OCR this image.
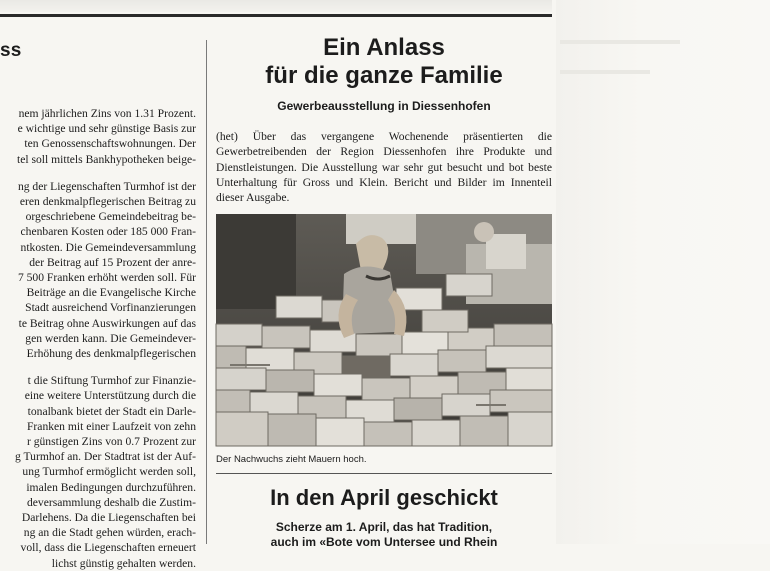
ss

nem jährlichen Zins von 1.31 Prozent.

e wichtige und sehr günstige Basis zur

ten Genossenschaftswohnungen. Der

tel soll mittels Bankhypotheken beige-

ng der Liegenschaften Turmhof ist der

eren denkmalpflegerischen Beitrag zu

orgeschriebene Gemeindebeitrag be-

chenbaren Kosten oder 185 000 Fran-

ntkosten. Die Gemeindeversammlung

der Beitrag auf 15 Prozent der anre-

7 500 Franken erhöht werden soll. Für

Beiträge an die Evangelische Kirche

Stadt ausreichend Vorfinanzierungen

te Beitrag ohne Auswirkungen auf das

gen werden kann. Die Gemeindever-

Erhöhung des denkmalpflegerischen

t die Stiftung Turmhof zur Finanzie-

eine weitere Unterstützung durch die

tonalbank bietet der Stadt ein Darle-

Franken mit einer Laufzeit von zehn

r günstigen Zins von 0.7 Prozent zur

g Turmhof an. Der Stadtrat ist der Auf-

ung Turmhof ermöglicht werden soll,

imalen Bedingungen durchzuführen.

deversammlung deshalb die Zustim-

Darlehens. Da die Liegenschaften bei

ng an die Stadt gehen würden, erach-

voll, dass die Liegenschaften erneuert

lichst günstig gehalten werden.

Ein Anlass
für die ganze Familie
Gewerbeausstellung in Diessenhofen

(het) Über das vergangene Wochenende präsentierten die Gewerbetreibenden der Region Diessenhofen ihre Produkte und Dienstleistungen. Die Ausstellung war sehr gut besucht und bot beste Unterhaltung für Gross und Klein. Bericht und Bilder im Innenteil dieser Ausgabe.

Der Nachwuchs zieht Mauern hoch.
In den April geschickt
Scherze am 1. April, das hat Tradition,
auch im «Bote vom Untersee und Rhein
